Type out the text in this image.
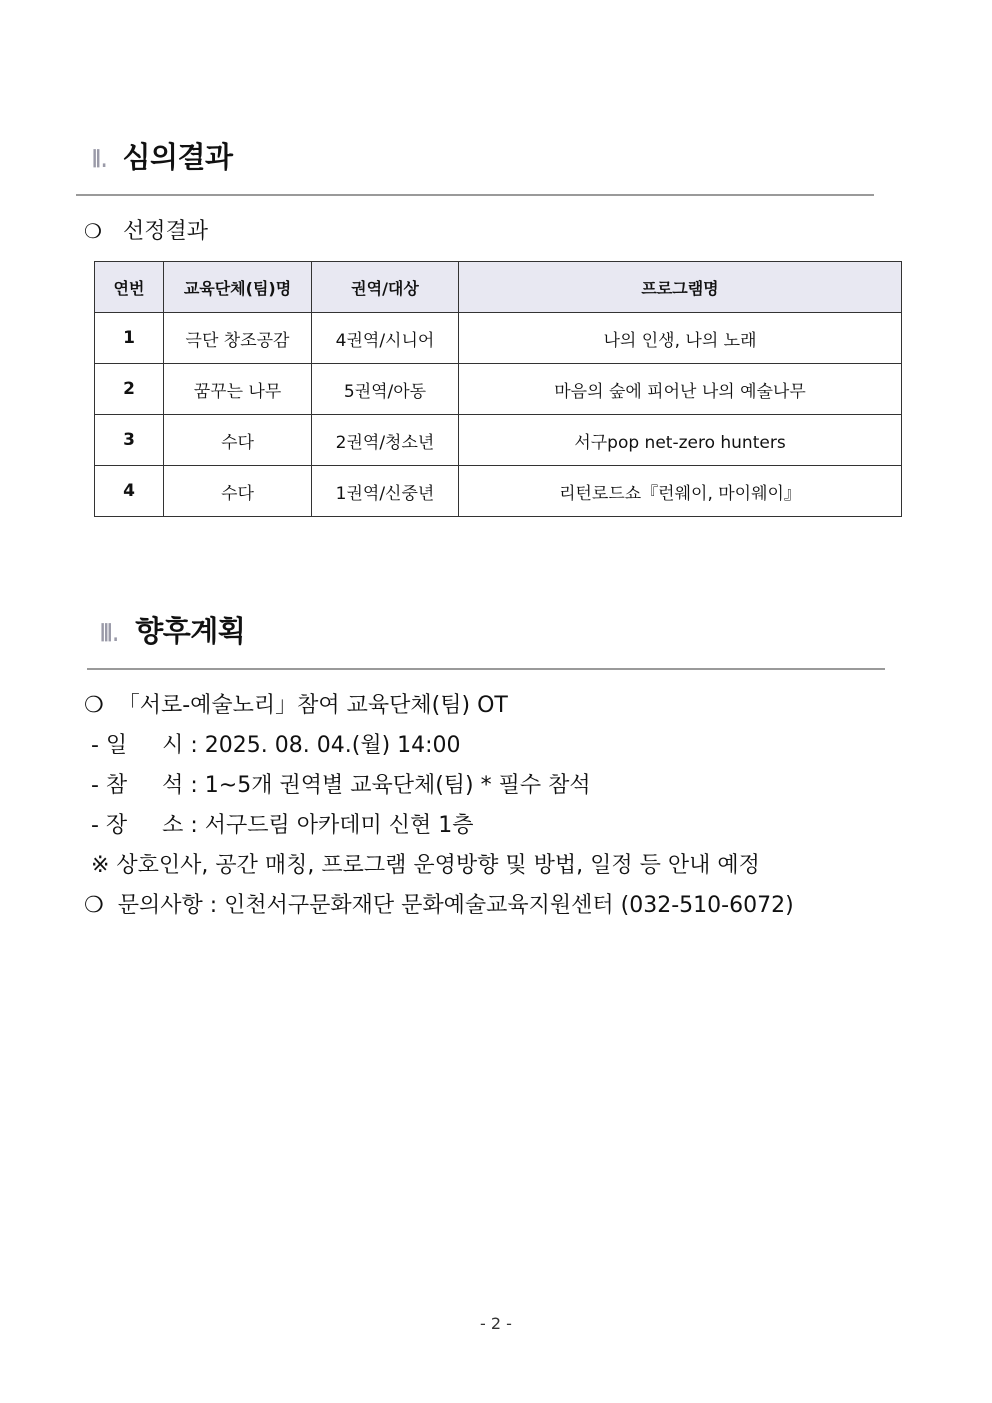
Ⅱ. 심의결과
❍ 선정결과
연번	교육단체(팀)명	권역/대상	프로그램명
1	극단 창조공감	4권역/시니어	나의 인생, 나의 노래
2	꿈꾸는 나무	5권역/아동	마음의 숲에 피어난 나의 예술나무
3	수다	2권역/청소년	서구pop net-zero hunters
4	수다	1권역/신중년	리턴로드쇼『런웨이, 마이웨이』
Ⅲ. 향후계획
❍  「서로-예술노리」참여 교육단체(팀) OT
- 일     시 : 2025. 08. 04.(월) 14:00
- 참     석 : 1~5개 권역별 교육단체(팀) * 필수 참석
- 장     소 : 서구드림 아카데미 신현 1층
※ 상호인사, 공간 매칭, 프로그램 운영방향 및 방법, 일정 등 안내 예정
❍  문의사항 : 인천서구문화재단 문화예술교육지원센터 (032-510-6072)
- 2 -
